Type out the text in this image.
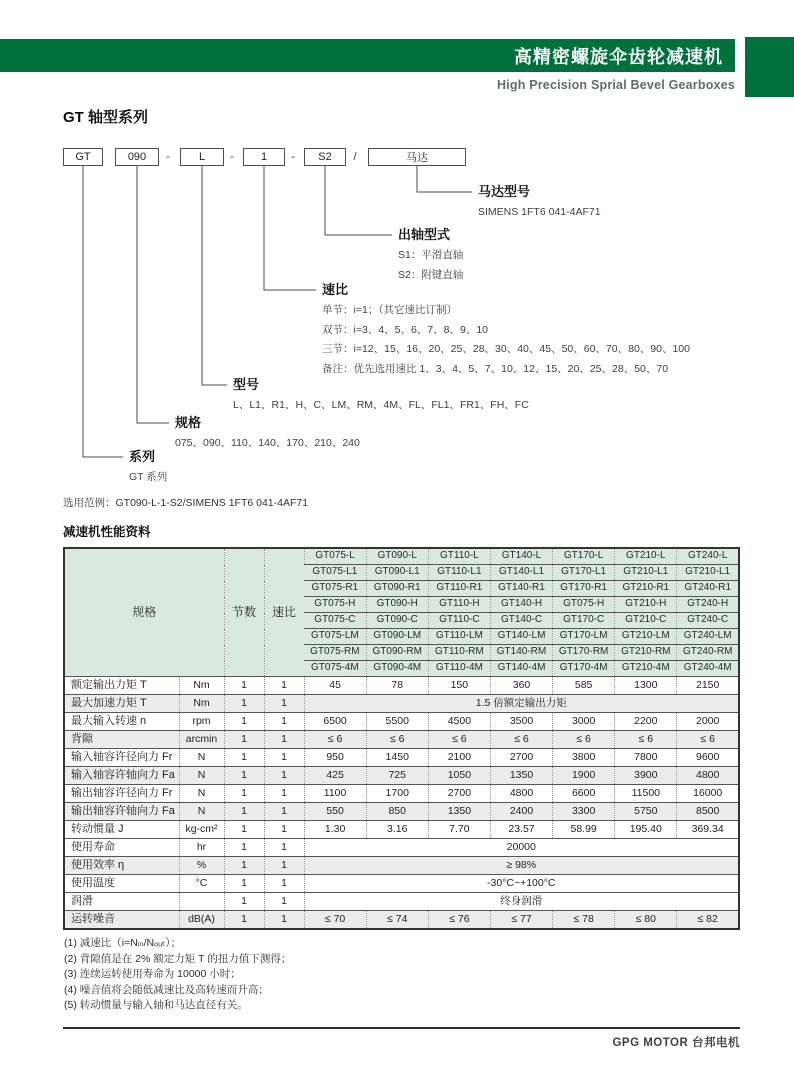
高精密螺旋伞齿轮减速机
High Precision Sprial Bevel Gearboxes
GT 轴型系列
GT	090	L	1	S2	马达
-	-	-	/
马达型号
SIMENS 1FT6 041-4AF71
出轴型式
S1：平滑直轴
S2：附键直轴
速比
单节：i=1；（其它速比订制）
双节：i=3、4、5、6、7、8、9、10
三节：i=12、15、16、20、25、28、30、40、45、50、60、70、80、90、100
备注：优先选用速比 1、3、4、5、7、10、12、15、20、25、28、50、70
型号
L、L1、R1、H、C、LM、RM、4M、FL、FL1、FR1、FH、FC
规格
075、090、110、140、170、210、240
系列
GT 系列
选用范例：GT090-L-1-S2/SIMENS 1FT6 041-4AF71
减速机性能资料
规格		节数	速比	GT075-L	GT090-L	GT110-L	GT140-L	GT170-L	GT210-L	GT240-L
				GT075-L1	GT090-L1	GT110-L1	GT140-L1	GT170-L1	GT210-L1	GT210-L1
				GT075-R1	GT090-R1	GT110-R1	GT140-R1	GT170-R1	GT210-R1	GT240-R1
				GT075-H	GT090-H	GT110-H	GT140-H	GT075-H	GT210-H	GT240-H
				GT075-C	GT090-C	GT110-C	GT140-C	GT170-C	GT210-C	GT240-C
				GT075-LM	GT090-LM	GT110-LM	GT140-LM	GT170-LM	GT210-LM	GT240-LM
				GT075-RM	GT090-RM	GT110-RM	GT140-RM	GT170-RM	GT210-RM	GT240-RM
				GT075-4M	GT090-4M	GT110-4M	GT140-4M	GT170-4M	GT210-4M	GT240-4M
额定输出力矩 T	Nm	1	1	45	78	150	360	585	1300	2150
最大加速力矩 T	Nm	1	1	1.5 倍额定输出力矩						
最大输入转速 n	rpm	1	1	6500	5500	4500	3500	3000	2200	2000
背隙	arcmin	1	1	≤ 6	≤ 6	≤ 6	≤ 6	≤ 6	≤ 6	≤ 6
输入轴容许径向力 Fr	N	1	1	950	1450	2100	2700	3800	7800	9600
输入轴容许轴向力 Fa	N	1	1	425	725	1050	1350	1900	3900	4800
输出轴容许径向力 Fr	N	1	1	1100	1700	2700	4800	6600	11500	16000
输出轴容许轴向力 Fa	N	1	1	550	850	1350	2400	3300	5750	8500
转动惯量 J	kg-cm²	1	1	1.30	3.16	7.70	23.57	58.99	195.40	369.34
使用寿命	hr	1	1	20000						
使用效率 η	%	1	1	≥ 98%						
使用温度	°C	1	1	-30°C~+100°C						
润滑		1	1	终身润滑						
运转噪音	dB(A)	1	1	≤ 70	≤ 74	≤ 76	≤ 77	≤ 78	≤ 80	≤ 82
(1) 减速比（i=Nᵢₙ/Nₒᵤₜ）；
(2) 背隙值是在 2% 额定力矩 T 的扭力值下测得；
(3) 连续运转使用寿命为 10000 小时；
(4) 噪音值将会随低减速比及高转速而升高；
(5) 转动惯量与输入轴和马达直径有关。
GPG MOTOR 台邦电机
